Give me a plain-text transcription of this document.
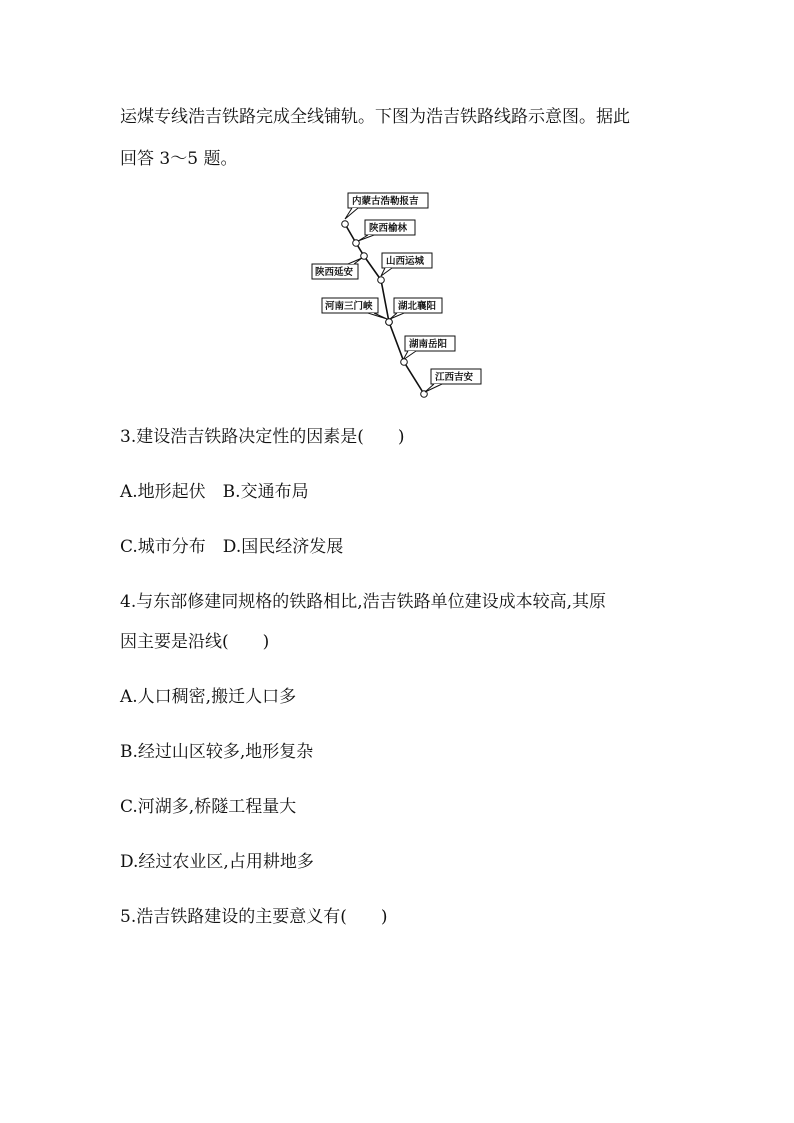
运煤专线浩吉铁路完成全线铺轨。下图为浩吉铁路线路示意图。据此
回答 3～5 题。
内蒙古浩勒报吉
陕西榆林
陕西延安
山西运城
河南三门峡	湖北襄阳
湖南岳阳
江西吉安
3.建设浩吉铁路决定性的因素是(　　)
A.地形起伏　B.交通布局
C.城市分布　D.国民经济发展
4.与东部修建同规格的铁路相比,浩吉铁路单位建设成本较高,其原
因主要是沿线(　　)
A.人口稠密,搬迁人口多
B.经过山区较多,地形复杂
C.河湖多,桥隧工程量大
D.经过农业区,占用耕地多
5.浩吉铁路建设的主要意义有(　　)
